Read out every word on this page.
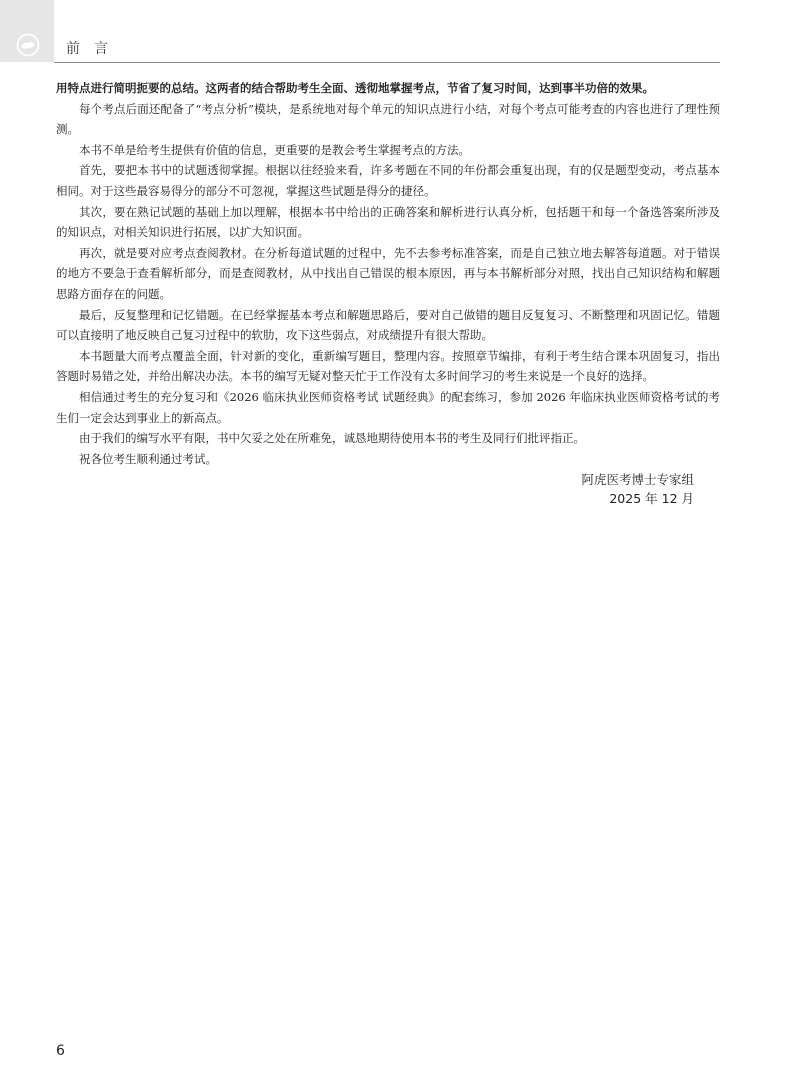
前言

用特点进行简明扼要的总结。这两者的结合帮助考生全面、透彻地掌握考点，节省了复习时间，达到事半功倍的效果。

每个考点后面还配备了“考点分析”模块，是系统地对每个单元的知识点进行小结，对每个考点可能考查的内容也进行了理性预测。

本书不单是给考生提供有价值的信息，更重要的是教会考生掌握考点的方法。

首先，要把本书中的试题透彻掌握。根据以往经验来看，许多考题在不同的年份都会重复出现，有的仅是题型变动，考点基本相同。对于这些最容易得分的部分不可忽视，掌握这些试题是得分的捷径。

其次，要在熟记试题的基础上加以理解，根据本书中给出的正确答案和解析进行认真分析，包括题干和每一个备选答案所涉及的知识点，对相关知识进行拓展，以扩大知识面。

再次，就是要对应考点查阅教材。在分析每道试题的过程中，先不去参考标准答案，而是自己独立地去解答每道题。对于错误的地方不要急于查看解析部分，而是查阅教材，从中找出自己错误的根本原因，再与本书解析部分对照，找出自己知识结构和解题思路方面存在的问题。

最后，反复整理和记忆错题。在已经掌握基本考点和解题思路后，要对自己做错的题目反复复习、不断整理和巩固记忆。错题可以直接明了地反映自己复习过程中的软肋，攻下这些弱点，对成绩提升有很大帮助。

本书题量大而考点覆盖全面，针对新的变化，重新编写题目，整理内容。按照章节编排，有利于考生结合课本巩固复习，指出答题时易错之处，并给出解决办法。本书的编写无疑对整天忙于工作没有太多时间学习的考生来说是一个良好的选择。

相信通过考生的充分复习和《2026 临床执业医师资格考试 试题经典》的配套练习，参加 2026 年临床执业医师资格考试的考生们一定会达到事业上的新高点。

由于我们的编写水平有限，书中欠妥之处在所难免，诚恳地期待使用本书的考生及同行们批评指正。

祝各位考生顺利通过考试。

阿虎医考博士专家组
2025 年 12 月
6
